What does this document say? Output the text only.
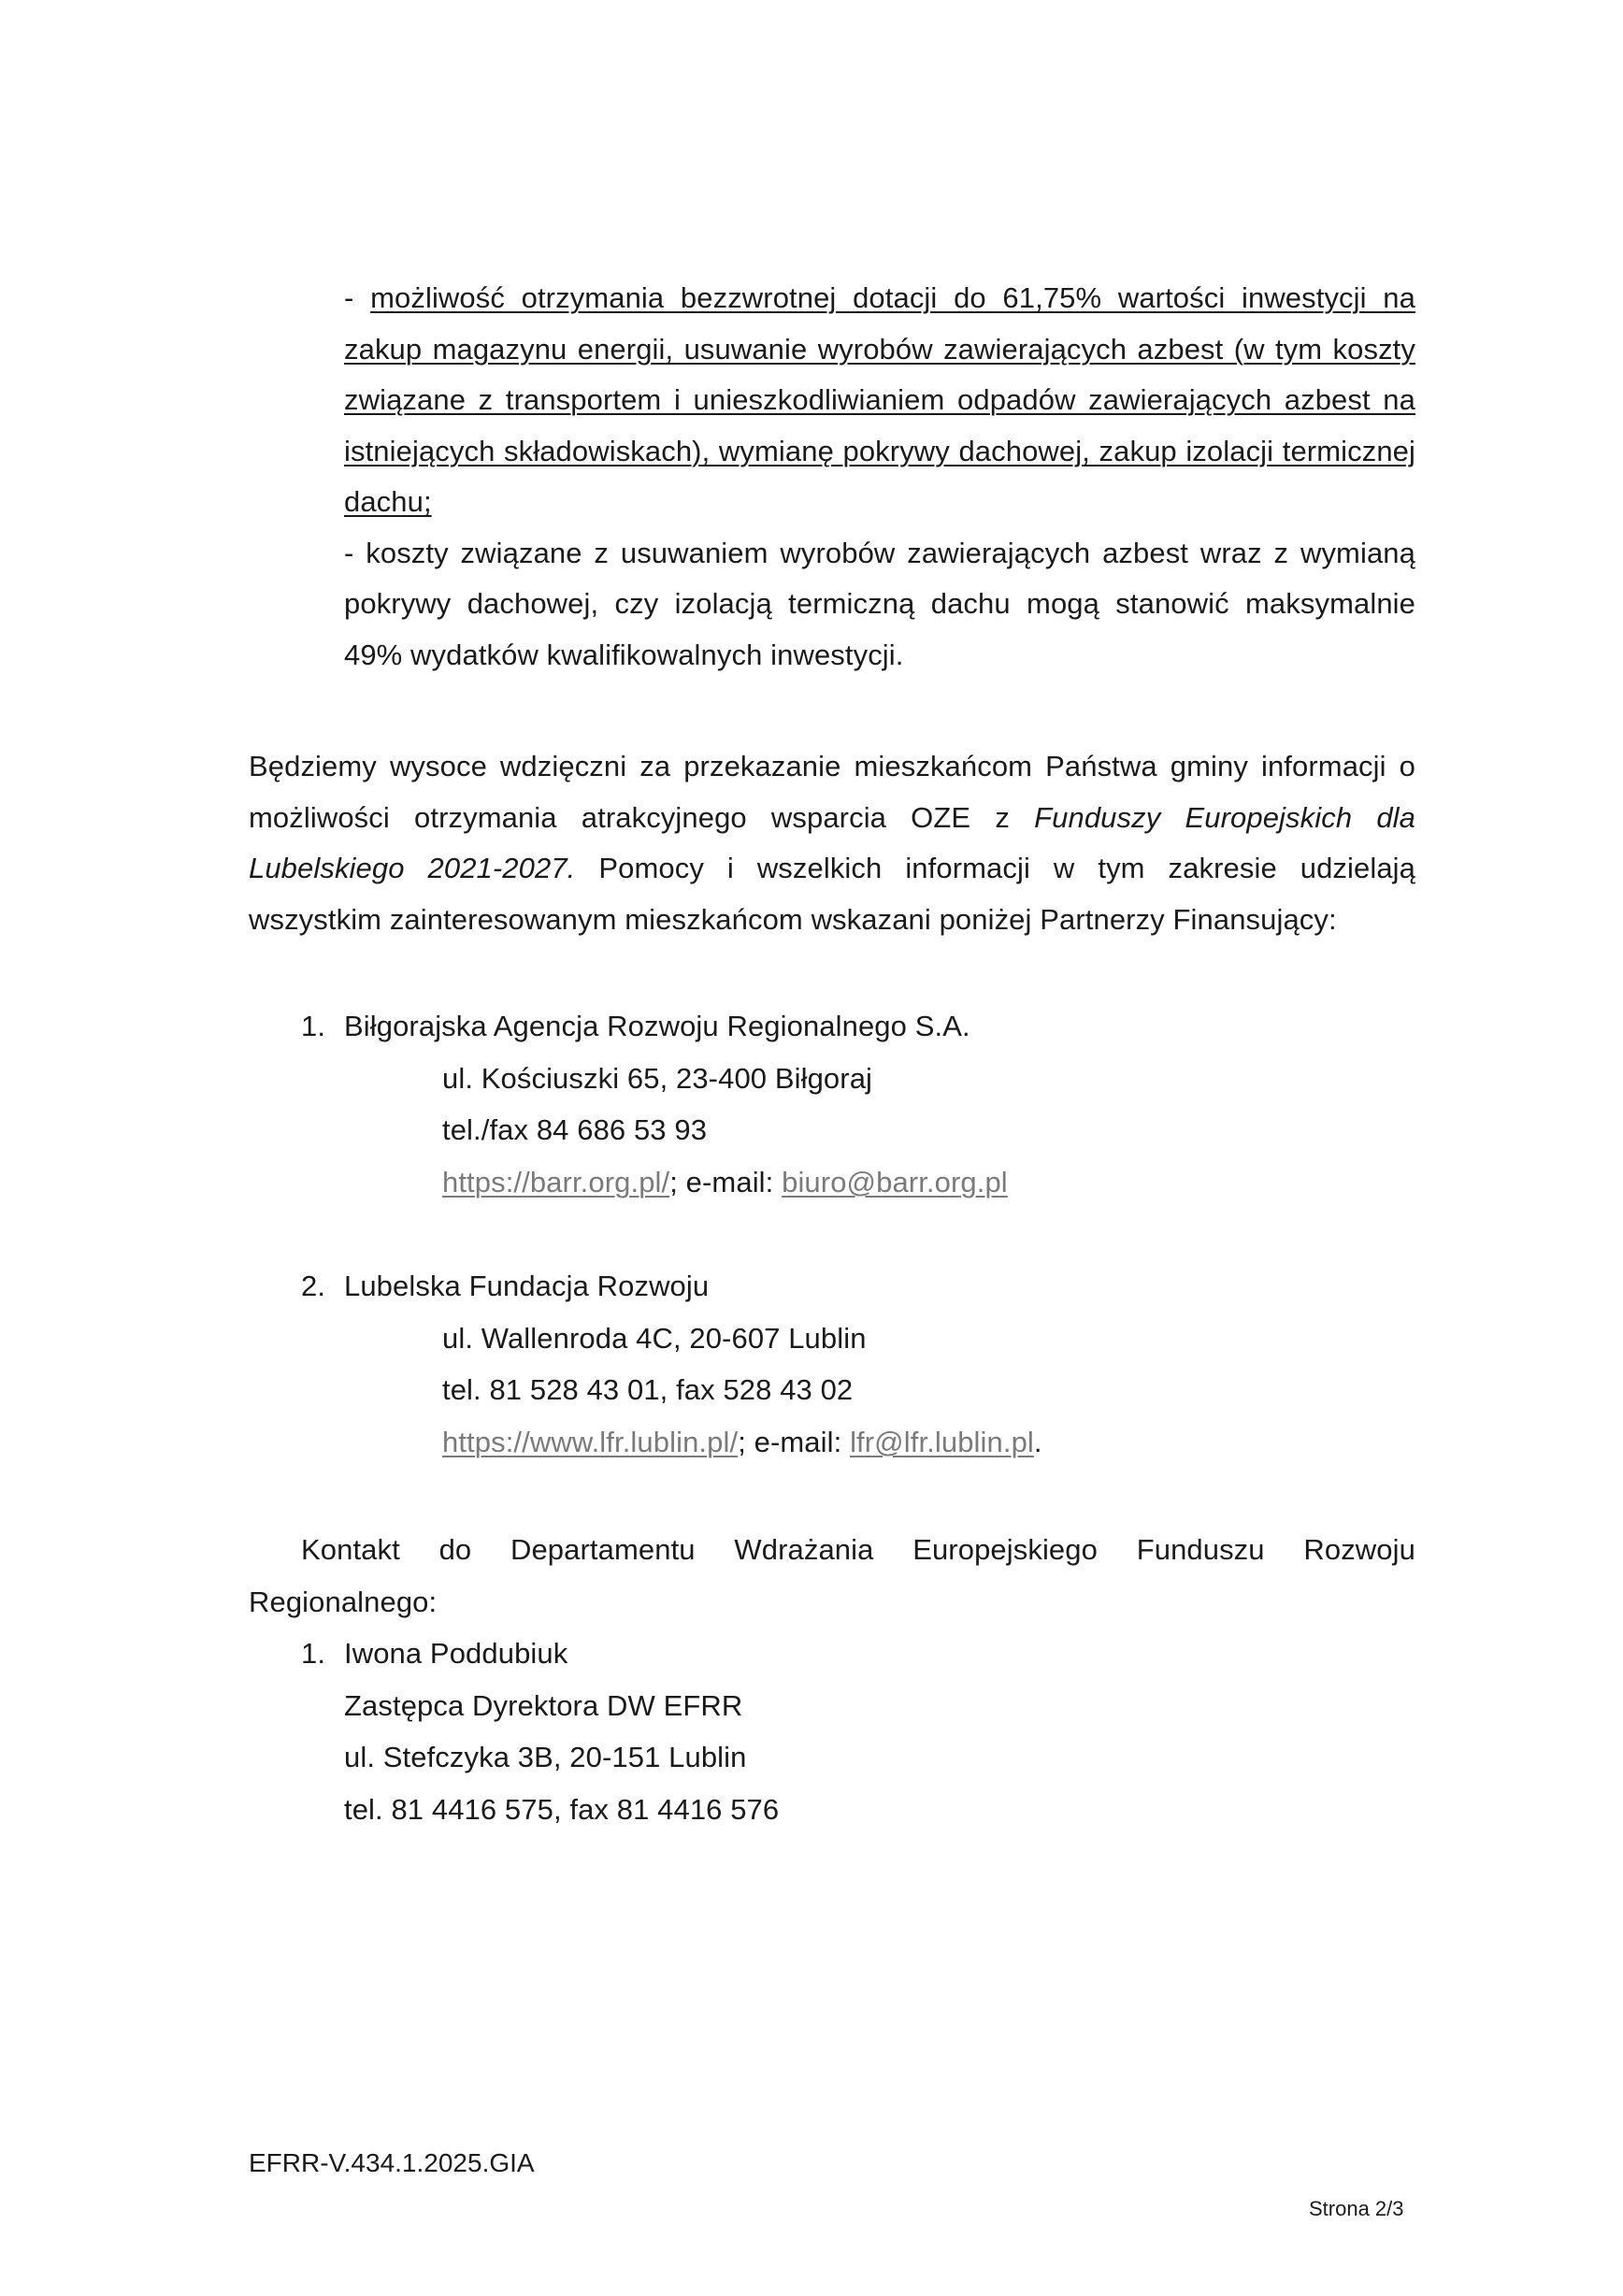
- możliwość otrzymania bezzwrotnej dotacji do 61,75% wartości inwestycji na zakup magazynu energii, usuwanie wyrobów zawierających azbest (w tym koszty związane z transportem i unieszkodliwianiem odpadów zawierających azbest na istniejących składowiskach), wymianę pokrywy dachowej, zakup izolacji termicznej dachu;

- koszty związane z usuwaniem wyrobów zawierających azbest wraz z wymianą pokrywy dachowej, czy izolacją termiczną dachu mogą stanowić maksymalnie 49% wydatków kwalifikowalnych inwestycji.

Będziemy wysoce wdzięczni za przekazanie mieszkańcom Państwa gminy informacji o możliwości otrzymania atrakcyjnego wsparcia OZE z Funduszy Europejskich dla Lubelskiego 2021-2027. Pomocy i wszelkich informacji w tym zakresie udzielają wszystkim zainteresowanym mieszkańcom wskazani poniżej Partnerzy Finansujący:

1. Biłgorajska Agencja Rozwoju Regionalnego S.A.
ul. Kościuszki 65, 23-400 Biłgoraj
tel./fax 84 686 53 93
https://barr.org.pl/; e-mail: biuro@barr.org.pl
2. Lubelska Fundacja Rozwoju
ul. Wallenroda 4C, 20-607 Lublin
tel. 81 528 43 01, fax 528 43 02
https://www.lfr.lublin.pl/; e-mail: lfr@lfr.lublin.pl.
Kontakt do Departamentu Wdrażania Europejskiego Funduszu Rozwoju
Regionalnego:
1. Iwona Poddubiuk
Zastępca Dyrektora DW EFRR
ul. Stefczyka 3B, 20-151 Lublin
tel. 81 4416 575, fax 81 4416 576
EFRR-V.434.1.2025.GIA
Strona 2/3
